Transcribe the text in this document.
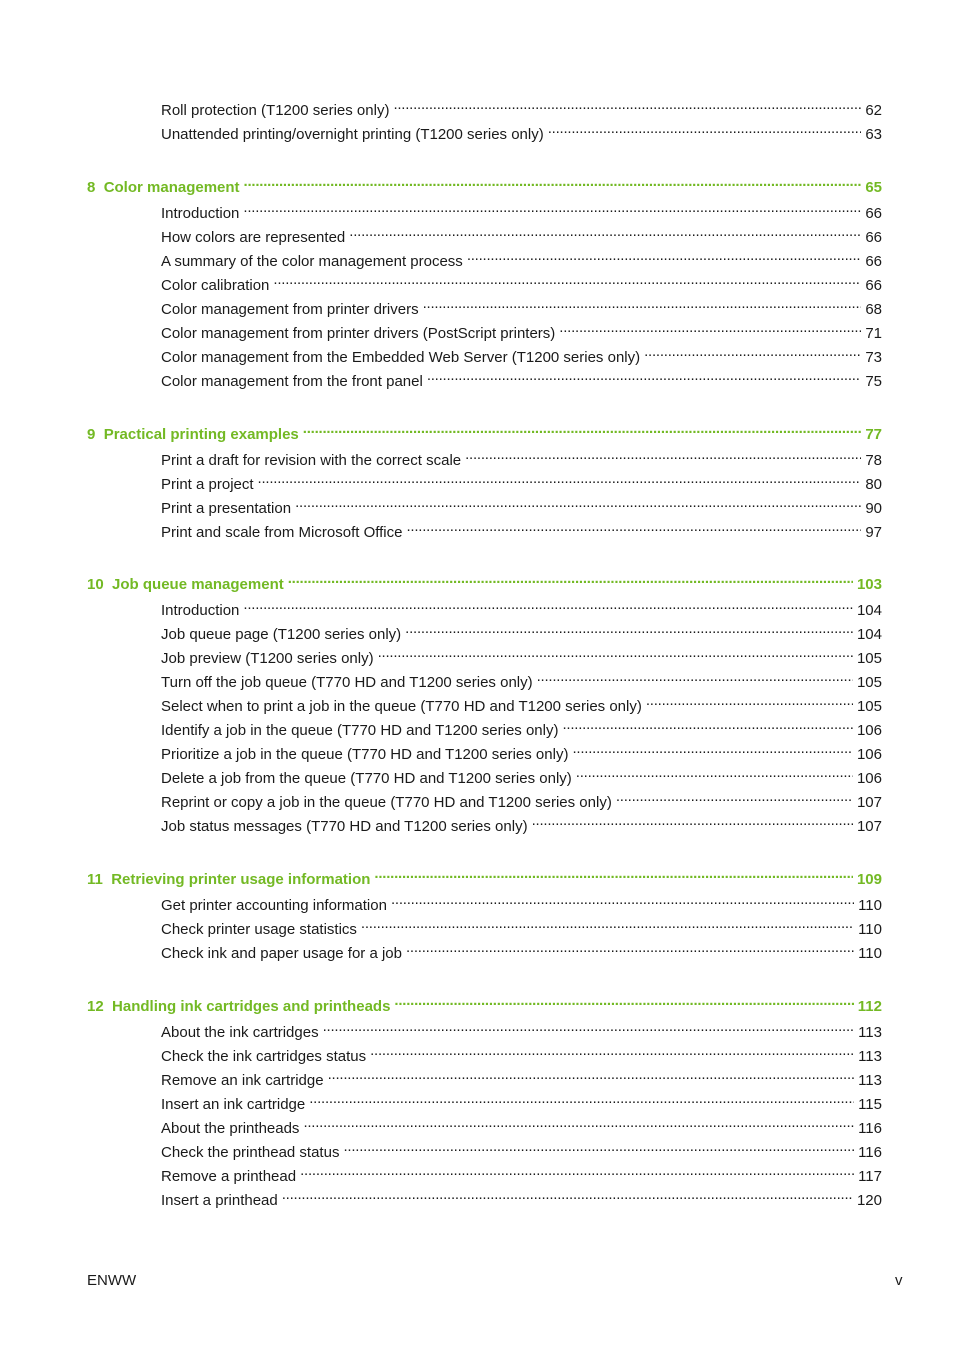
Roll protection (T1200 series only) . . .	62
Unattended printing/overnight printing (T1200 series only) . . .	63
8 Color management . . .	65
Introduction . . .	66
How colors are represented . . .	66
A summary of the color management process . . .	66
Color calibration . . .	66
Color management from printer drivers . . .	68
Color management from printer drivers (PostScript printers) . . .	71
Color management from the Embedded Web Server (T1200 series only) . . .	73
Color management from the front panel . . .	75
9 Practical printing examples . . .	77
Print a draft for revision with the correct scale . . .	78
Print a project . . .	80
Print a presentation . . .	90
Print and scale from Microsoft Office . . .	97
10 Job queue management . . .	103
Introduction . . .	104
Job queue page (T1200 series only) . . .	104
Job preview (T1200 series only) . . .	105
Turn off the job queue (T770 HD and T1200 series only) . . .	105
Select when to print a job in the queue (T770 HD and T1200 series only) . . .	105
Identify a job in the queue (T770 HD and T1200 series only) . . .	106
Prioritize a job in the queue (T770 HD and T1200 series only) . . .	106
Delete a job from the queue (T770 HD and T1200 series only) . . .	106
Reprint or copy a job in the queue (T770 HD and T1200 series only) . . .	107
Job status messages (T770 HD and T1200 series only) . . .	107
11 Retrieving printer usage information . . .	109
Get printer accounting information . . .	110
Check printer usage statistics . . .	110
Check ink and paper usage for a job . . .	110
12 Handling ink cartridges and printheads . . .	112
About the ink cartridges . . .	113
Check the ink cartridges status . . .	113
Remove an ink cartridge . . .	113
Insert an ink cartridge . . .	115
About the printheads . . .	116
Check the printhead status . . .	116
Remove a printhead . . .	117
Insert a printhead . . .	120
ENWW	v
